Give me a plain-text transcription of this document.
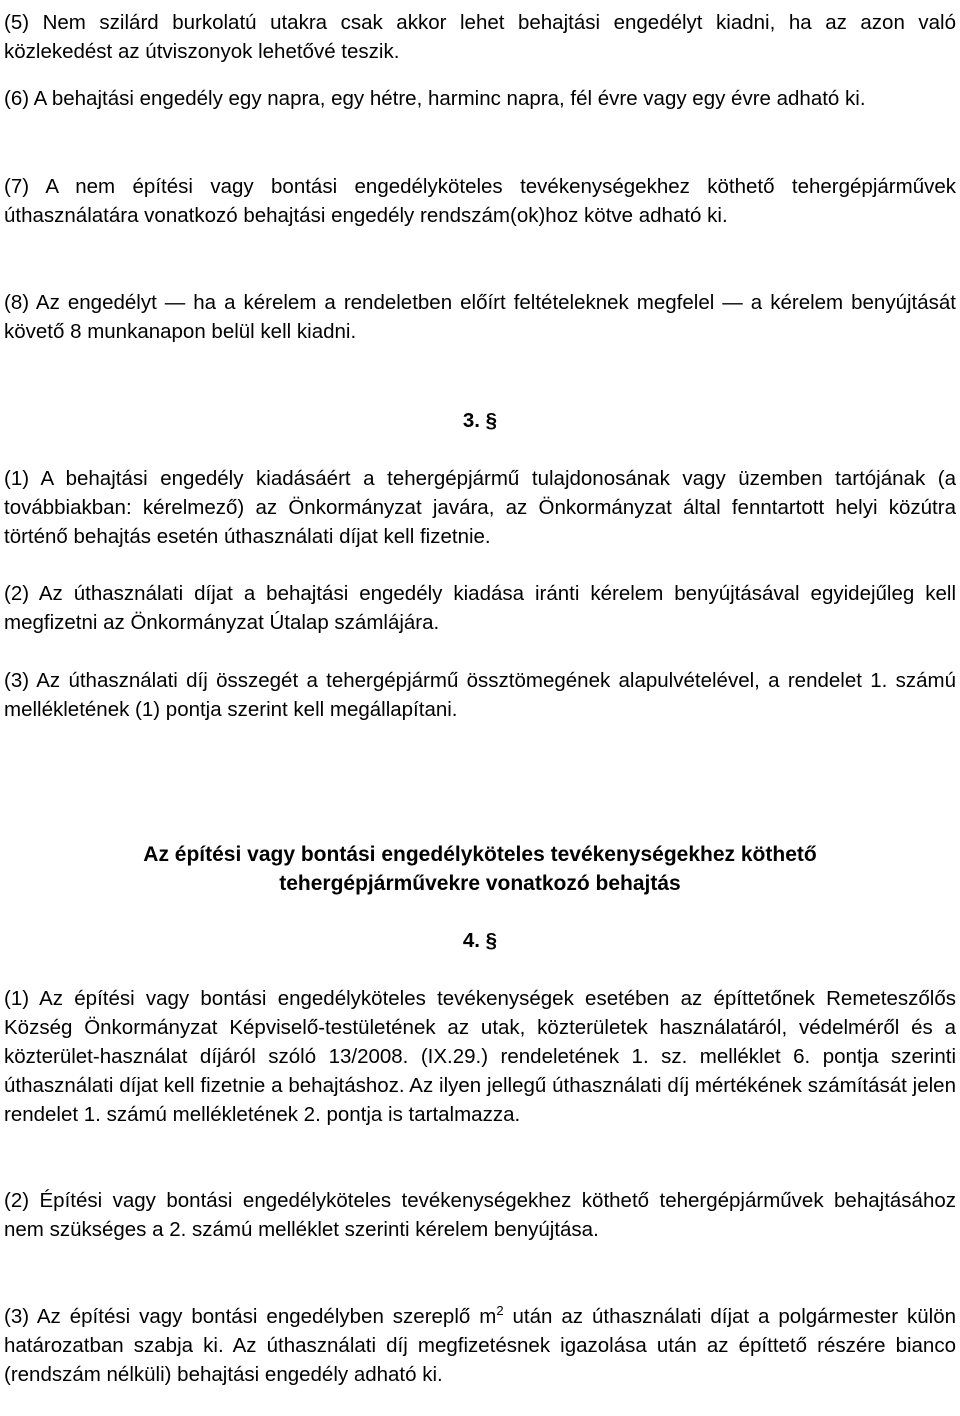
(5) Nem szilárd burkolatú utakra csak akkor lehet behajtási engedélyt kiadni, ha az azon való közlekedést az útviszonyok lehetővé teszik.

(6) A behajtási engedély egy napra, egy hétre, harminc napra, fél évre vagy egy évre adható ki.

(7) A nem építési vagy bontási engedélyköteles tevékenységekhez köthető tehergépjárművek úthasználatára vonatkozó behajtási engedély rendszám(ok)hoz kötve adható ki.

(8) Az engedélyt — ha a kérelem a rendeletben előírt feltételeknek megfelel — a kérelem benyújtását követő 8 munkanapon belül kell kiadni.

3. §

(1) A behajtási engedély kiadásáért a tehergépjármű tulajdonosának vagy üzemben tartójának (a továbbiakban: kérelmező) az Önkormányzat javára, az Önkormányzat által fenntartott helyi közútra történő behajtás esetén úthasználati díjat kell fizetnie.

(2) Az úthasználati díjat a behajtási engedély kiadása iránti kérelem benyújtásával egyidejűleg kell megfizetni az Önkormányzat Útalap számlájára.

(3) Az úthasználati díj összegét a tehergépjármű össztömegének alapulvételével, a rendelet 1. számú mellékletének (1) pontja szerint kell megállapítani.

Az építési vagy bontási engedélyköteles tevékenységekhez köthető
tehergépjárművekre vonatkozó behajtás

4. §

(1) Az építési vagy bontási engedélyköteles tevékenységek esetében az építtetőnek Remeteszőlős Község Önkormányzat Képviselő-testületének az utak, közterületek használatáról, védelméről és a közterület-használat díjáról szóló 13/2008. (IX.29.) rendeletének 1. sz. melléklet 6. pontja szerinti úthasználati díjat kell fizetnie a behajtáshoz. Az ilyen jellegű úthasználati díj mértékének számítását jelen rendelet 1. számú mellékletének 2. pontja is tartalmazza.

(2) Építési vagy bontási engedélyköteles tevékenységekhez köthető tehergépjárművek behajtásához nem szükséges a 2. számú melléklet szerinti kérelem benyújtása.

(3) Az építési vagy bontási engedélyben szereplő $m^2$ után az úthasználati díjat a polgármester külön határozatban szabja ki. Az úthasználati díj megfizetésnek igazolása után az építtető részére bianco (rendszám nélküli) behajtási engedély adható ki.
